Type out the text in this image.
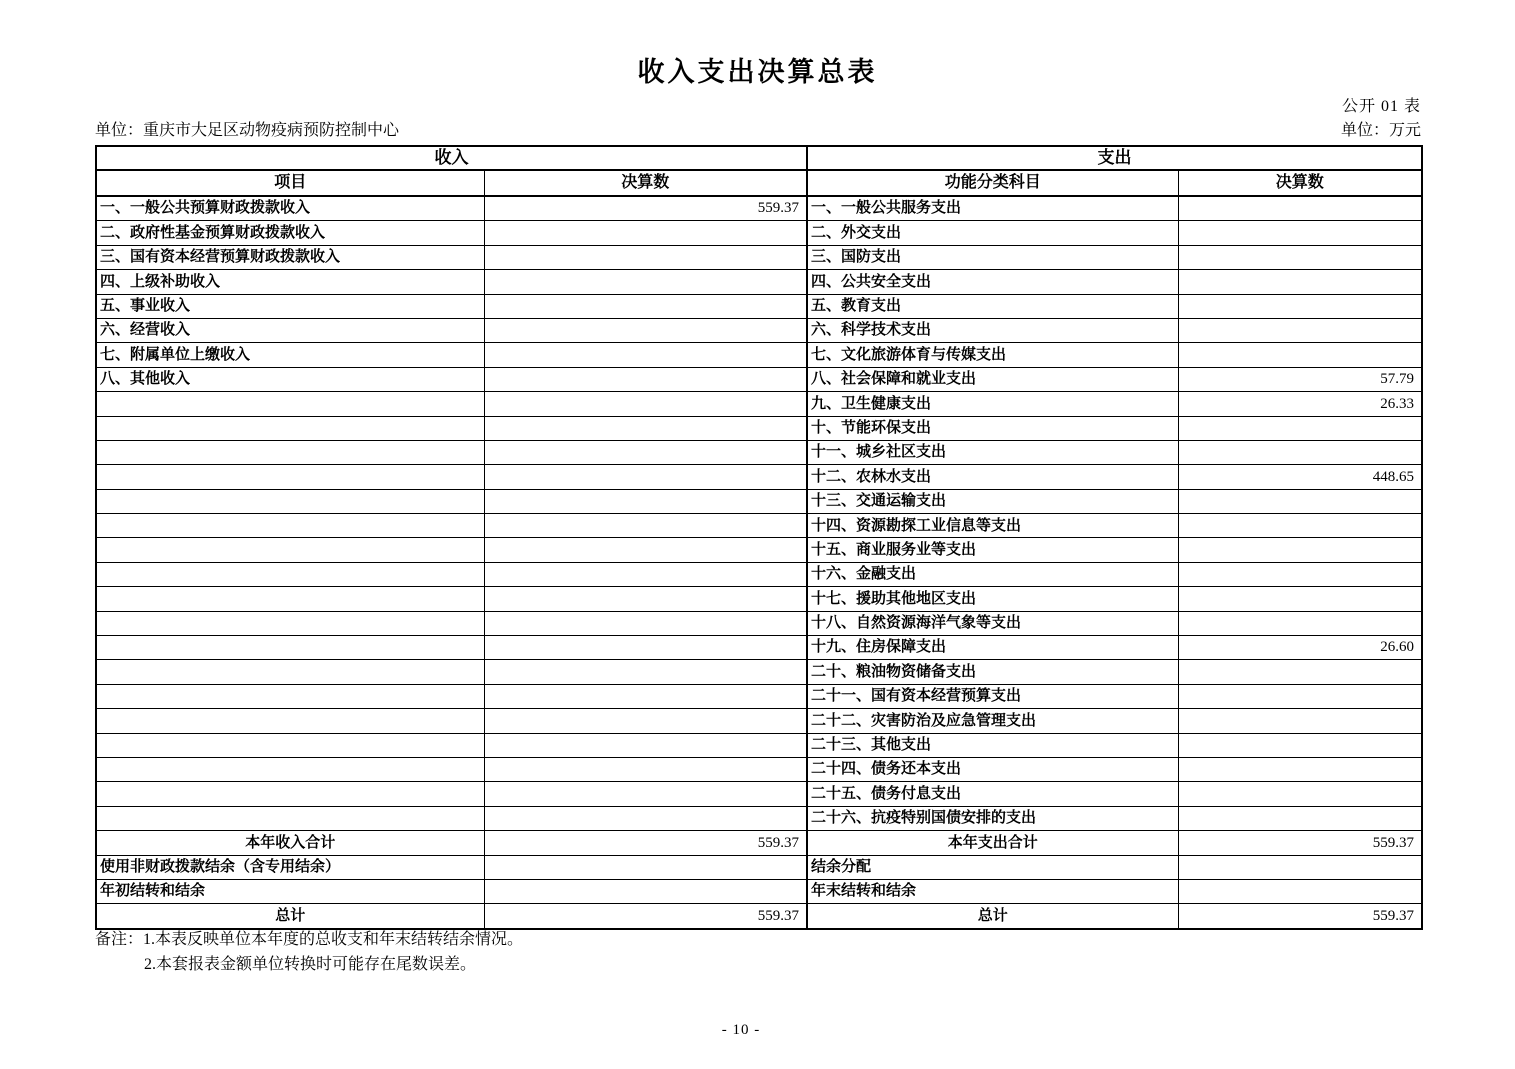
收入支出决算总表
公开 01 表
单位：重庆市大足区动物疫病预防控制中心	单位：万元
收入		支出	
项目	决算数	功能分类科目	决算数
一、一般公共预算财政拨款收入	559.37	一、一般公共服务支出	
二、政府性基金预算财政拨款收入		二、外交支出	
三、国有资本经营预算财政拨款收入		三、国防支出	
四、上级补助收入		四、公共安全支出	
五、事业收入		五、教育支出	
六、经营收入		六、科学技术支出	
七、附属单位上缴收入		七、文化旅游体育与传媒支出	
八、其他收入		八、社会保障和就业支出	57.79
		九、卫生健康支出	26.33
		十、节能环保支出	
		十一、城乡社区支出	
		十二、农林水支出	448.65
		十三、交通运输支出	
		十四、资源勘探工业信息等支出	
		十五、商业服务业等支出	
		十六、金融支出	
		十七、援助其他地区支出	
		十八、自然资源海洋气象等支出	
		十九、住房保障支出	26.60
		二十、粮油物资储备支出	
		二十一、国有资本经营预算支出	
		二十二、灾害防治及应急管理支出	
		二十三、其他支出	
		二十四、债务还本支出	
		二十五、债务付息支出	
		二十六、抗疫特别国债安排的支出	
本年收入合计	559.37	本年支出合计	559.37
使用非财政拨款结余（含专用结余）		结余分配	
年初结转和结余		年末结转和结余	
总计	559.37	总计	559.37
备注：1.本表反映单位本年度的总收支和年末结转结余情况。
2.本套报表金额单位转换时可能存在尾数误差。
- 10 -
